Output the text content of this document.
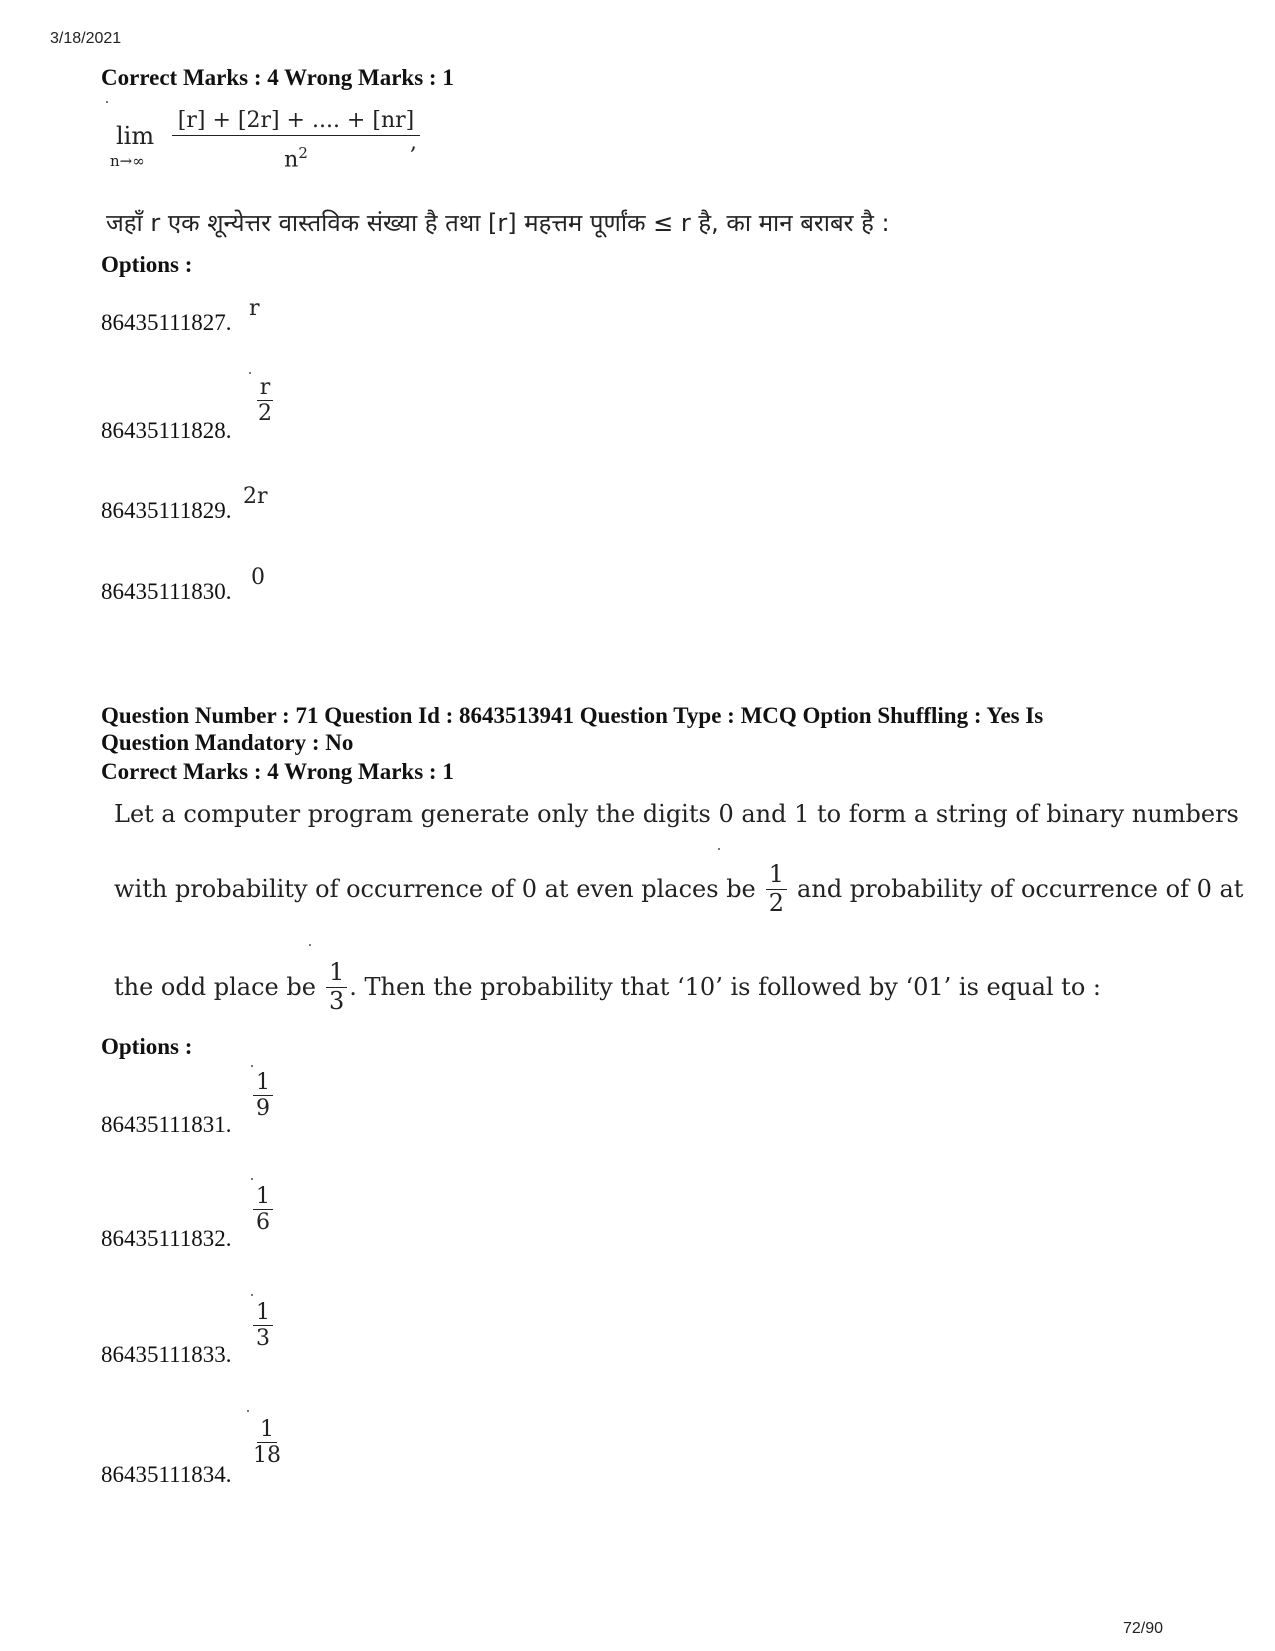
3/18/2021
72/90
Correct Marks : 4 Wrong Marks : 1
lim
n→∞
[r] + [2r] + .... + [nr]
$n^2$	,
जहाँ r एक शून्येत्तर वास्तविक संख्या है तथा [r] महत्तम पूर्णांक ≤ r है, का मान बराबर है :
Options :
86435111827.
r
86435111828.
$\frac{r}{2}$
86435111829.
2r
86435111830.
0
Question Number : 71 Question Id : 8643513941 Question Type : MCQ Option Shuffling : Yes Is
Question Mandatory : No
Correct Marks : 4 Wrong Marks : 1
Let a computer program generate only the digits 0 and 1 to form a string of binary numbers
with probability of occurrence of 0 at even places be $\frac{1}{2}$ and probability of occurrence of 0 at
the odd place be $\frac{1}{3}$ . Then the probability that ‘10’ is followed by ‘01’ is equal to :
Options :
86435111831.
$\frac{1}{9}$
86435111832.
$\frac{1}{6}$
86435111833.
$\frac{1}{3}$
86435111834.
$\frac{1}{18}$
